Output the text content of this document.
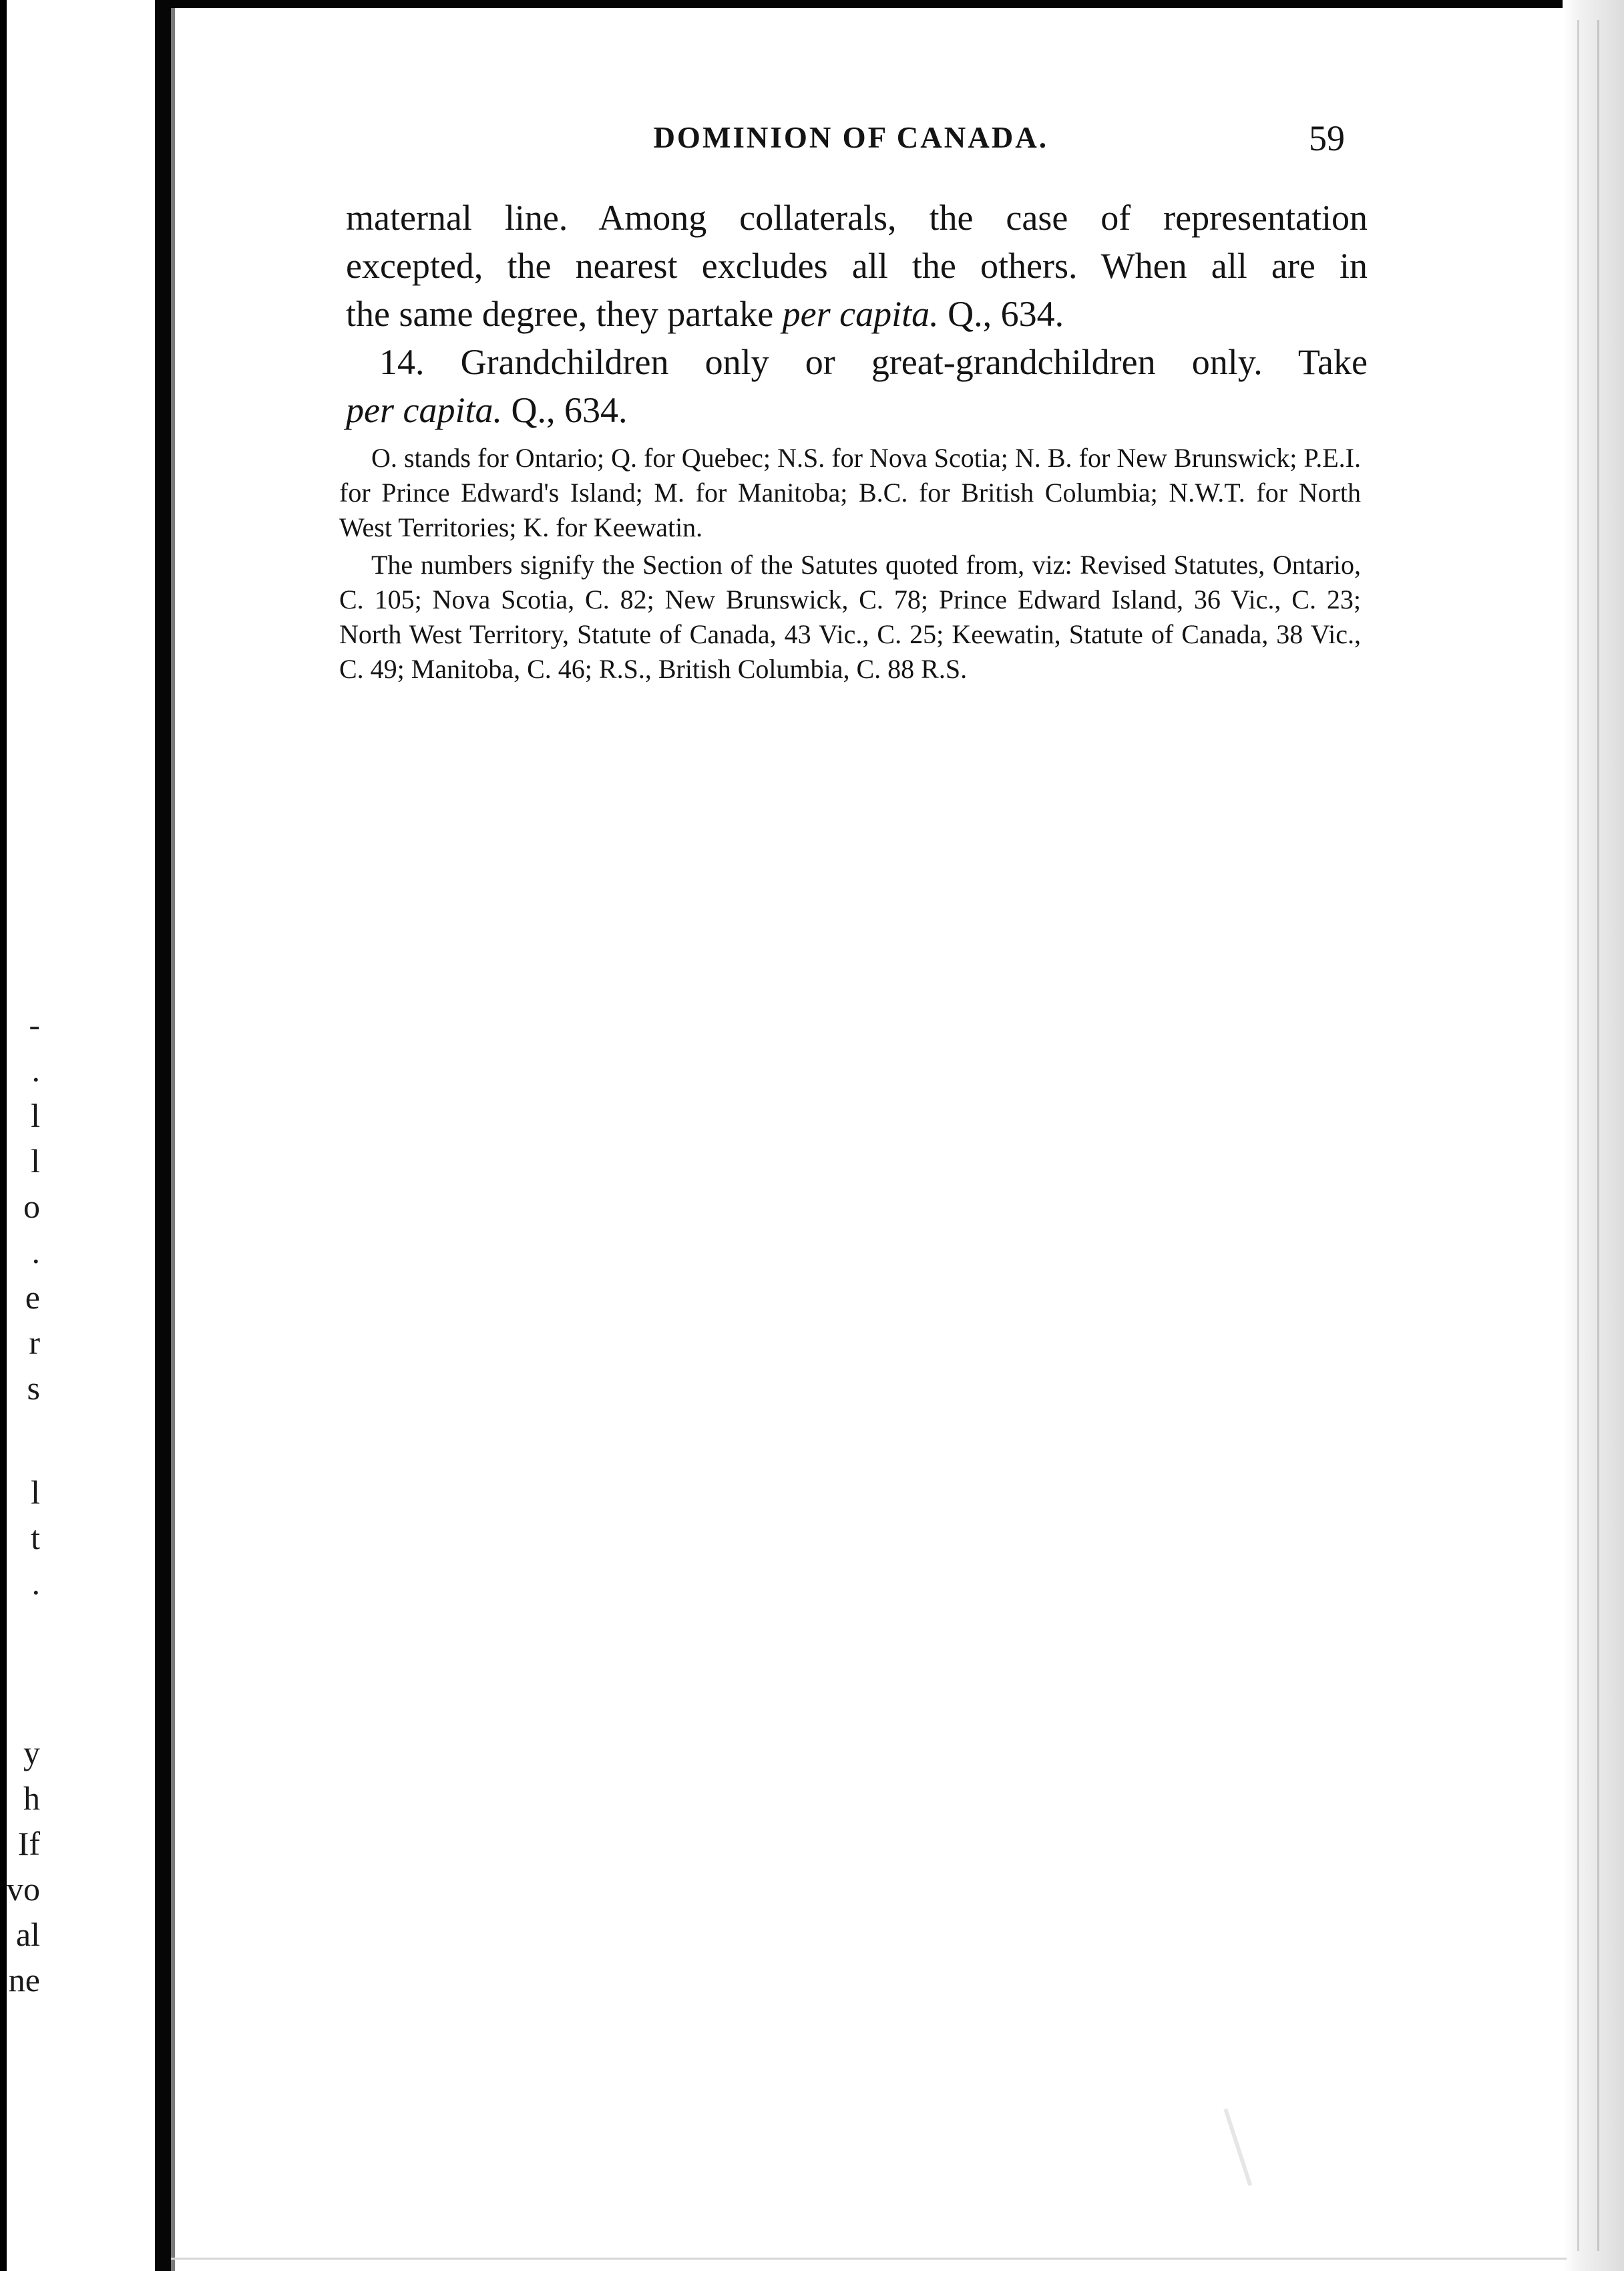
-
.
l
l
o
.
e
r
s
l
t
.
y
h
If
vo
al
ne
DOMINION OF CANADA.	59

maternal line. Among collaterals, the case of representation
excepted, the nearest excludes all the others. When all are in
the same degree, they partake per capita. Q., 634.

14. Grandchildren only or great-grandchildren only. Take
per capita. Q., 634.

O. stands for Ontario; Q. for Quebec; N.S. for Nova Scotia; N. B. for New Brunswick; P.E.I. for Prince Edward's Island; M. for Manitoba; B.C. for British Columbia; N.W.T. for North West Territories; K. for Keewatin.

The numbers signify the Section of the Satutes quoted from, viz: Revised Statutes, Ontario, C. 105; Nova Scotia, C. 82; New Brunswick, C. 78; Prince Edward Island, 36 Vic., C. 23; North West Territory, Statute of Canada, 43 Vic., C. 25; Keewatin, Statute of Canada, 38 Vic., C. 49; Manitoba, C. 46; R.S., British Columbia, C. 88 R.S.
